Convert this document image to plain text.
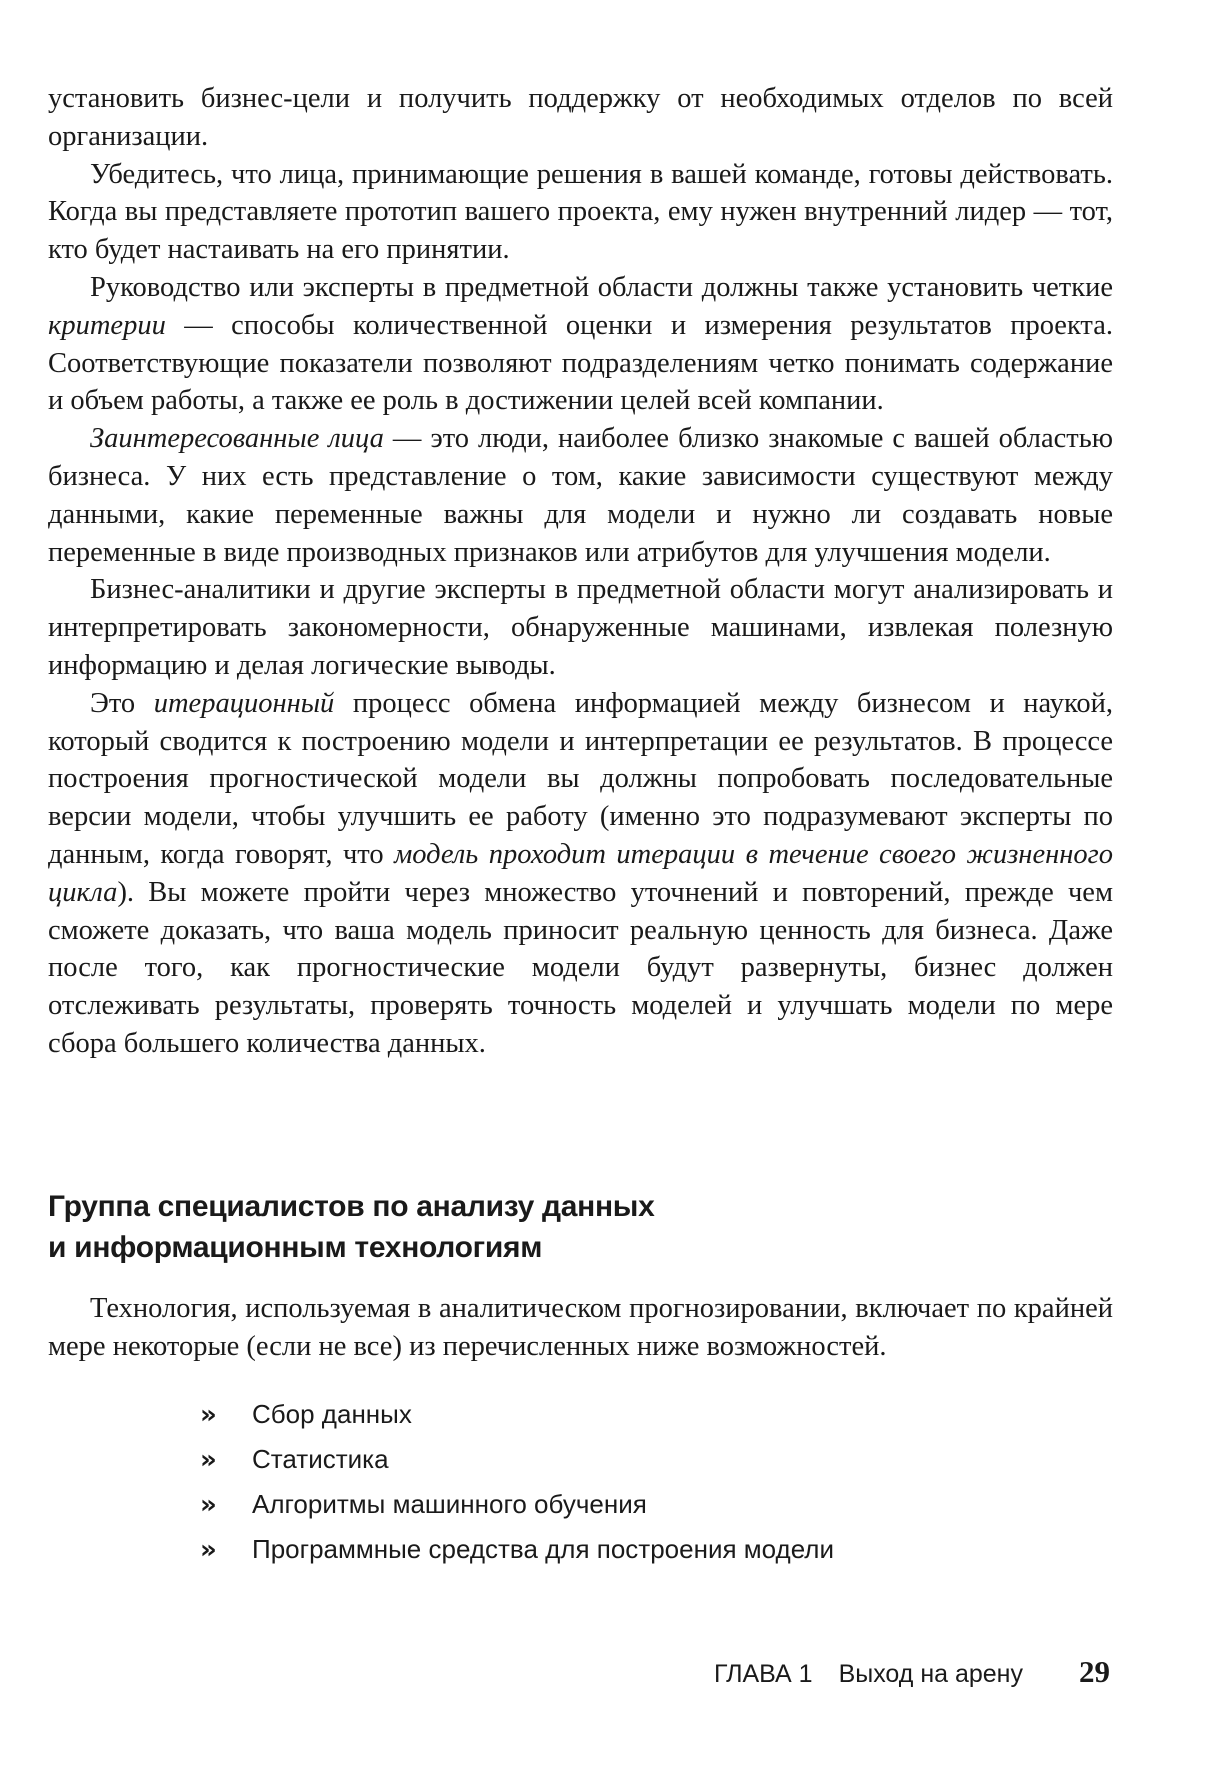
установить бизнес-цели и получить поддержку от необходимых отделов по всей организации.

Убедитесь, что лица, принимающие решения в вашей команде, готовы действовать. Когда вы представляете прототип вашего проекта, ему нужен внутренний лидер — тот, кто будет настаивать на его принятии.

Руководство или эксперты в предметной области должны также установить четкие критерии — способы количественной оценки и измерения результатов проекта. Соответствующие показатели позволяют подразделениям четко понимать содержание и объем работы, а также ее роль в достижении целей всей компании.

Заинтересованные лица — это люди, наиболее близко знакомые с вашей областью бизнеса. У них есть представление о том, какие зависимости существуют между данными, какие переменные важны для модели и нужно ли создавать новые переменные в виде производных признаков или атрибутов для улучшения модели.

Бизнес-аналитики и другие эксперты в предметной области могут анализировать и интерпретировать закономерности, обнаруженные машинами, извлекая полезную информацию и делая логические выводы.

Это итерационный процесс обмена информацией между бизнесом и наукой, который сводится к построению модели и интерпретации ее результатов. В процессе построения прогностической модели вы должны попробовать последовательные версии модели, чтобы улучшить ее работу (именно это подразумевают эксперты по данным, когда говорят, что модель проходит итерации в течение своего жизненного цикла). Вы можете пройти через множество уточнений и повторений, прежде чем сможете доказать, что ваша модель приносит реальную ценность для бизнеса. Даже после того, как прогностические модели будут развернуты, бизнес должен отслеживать результаты, проверять точность моделей и улучшать модели по мере сбора большего количества данных.

Группа специалистов по анализу данных
и информационным технологиям

Технология, используемая в аналитическом прогнозировании, включает по крайней мере некоторые (если не все) из перечисленных ниже возможностей.

»	Сбор данных
»	Статистика
»	Алгоритмы машинного обучения
»	Программные средства для построения модели
ГЛАВА 1 Выход на арену 29
